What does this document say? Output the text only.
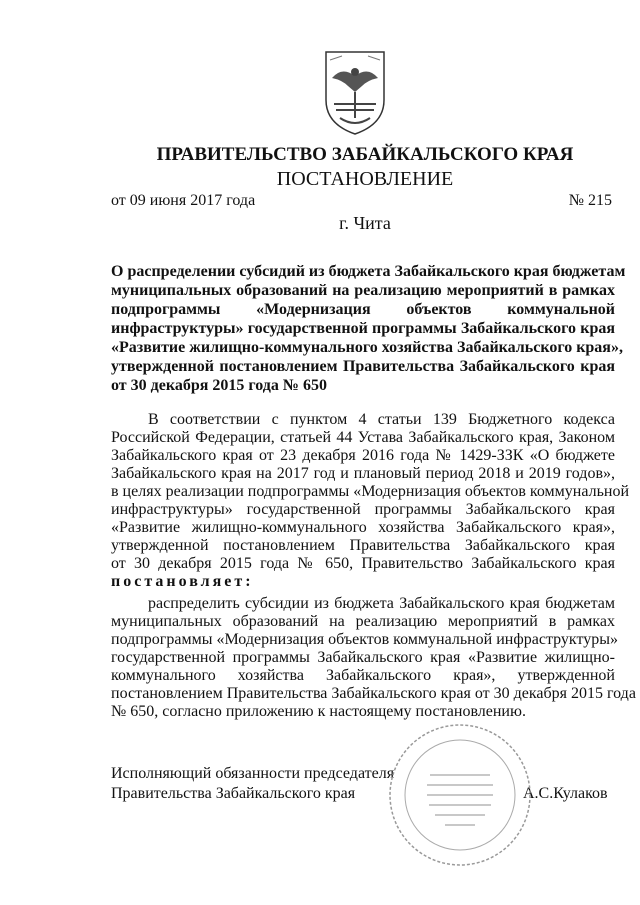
ПРАВИТЕЛЬСТВО ЗАБАЙКАЛЬСКОГО КРАЯ
ПОСТАНОВЛЕНИЕ
от 09 июня 2017 года	№ 215
г. Чита
О распределении субсидий из бюджета Забайкальского края бюджетам
муниципальных образований на реализацию мероприятий в рамках
подпрограммы «Модернизация объектов коммунальной
инфраструктуры» государственной программы Забайкальского края
«Развитие жилищно-коммунального хозяйства Забайкальского края»,
утвержденной постановлением Правительства Забайкальского края
от 30 декабря 2015 года № 650
В соответствии с пунктом 4 статьи 139 Бюджетного кодекса
Российской Федерации, статьей 44 Устава Забайкальского края, Законом
Забайкальского края от 23 декабря 2016 года № 1429-ЗЗК «О бюджете
Забайкальского края на 2017 год и плановый период 2018 и 2019 годов»,
в целях реализации подпрограммы «Модернизация объектов коммунальной
инфраструктуры» государственной программы Забайкальского края
«Развитие жилищно-коммунального хозяйства Забайкальского края»,
утвержденной постановлением Правительства Забайкальского края
от 30 декабря 2015 года № 650, Правительство Забайкальского края
постановляет:
распределить субсидии из бюджета Забайкальского края бюджетам
муниципальных образований на реализацию мероприятий в рамках
подпрограммы «Модернизация объектов коммунальной инфраструктуры»
государственной программы Забайкальского края «Развитие жилищно-
коммунального хозяйства Забайкальского края», утвержденной
постановлением Правительства Забайкальского края от 30 декабря 2015 года
№ 650, согласно приложению к настоящему постановлению.
Исполняющий обязанности председателя
Правительства Забайкальского края	А.С.Кулаков
